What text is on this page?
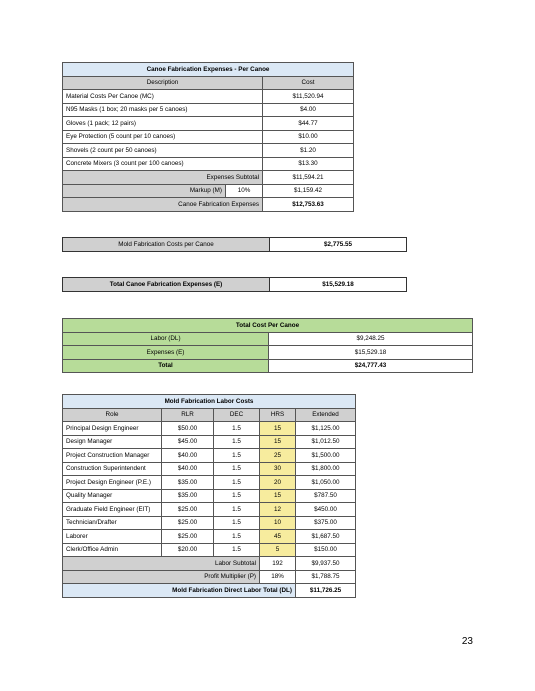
Canoe Fabrication Expenses - Per Canoe		
Description		Cost
Material Costs Per Canoe (MC)		$11,520.94
N95 Masks (1 box; 20 masks per 5 canoes)		$4.00
Gloves (1 pack; 12 pairs)		$44.77
Eye Protection (5 count per 10 canoes)		$10.00
Shovels (2 count per 50 canoes)		$1.20
Concrete Mixers (3 count per 100 canoes)		$13.30
Expenses Subtotal		$11,594.21
Markup (M)	10%	$1,159.42
Canoe Fabrication Expenses		$12,753.63
Mold Fabrication Costs per Canoe	$2,775.55
Total Canoe Fabrication Expenses (E)	$15,529.18
Total Cost Per Canoe	
Labor (DL)	$9,248.25
Expenses (E)	$15,529.18
Total	$24,777.43
Mold Fabrication Labor Costs				
Role	RLR	DEC	HRS	Extended
Principal Design Engineer	$50.00	1.5	15	$1,125.00
Design Manager	$45.00	1.5	15	$1,012.50
Project Construction Manager	$40.00	1.5	25	$1,500.00
Construction Superintendent	$40.00	1.5	30	$1,800.00
Project Design Engineer (P.E.)	$35.00	1.5	20	$1,050.00
Quality Manager	$35.00	1.5	15	$787.50
Graduate Field Engineer (EIT)	$25.00	1.5	12	$450.00
Technician/Drafter	$25.00	1.5	10	$375.00
Laborer	$25.00	1.5	45	$1,687.50
Clerk/Office Admin	$20.00	1.5	5	$150.00
Labor Subtotal			192	$9,937.50
Profit Multiplier (P)			18%	$1,788.75
Mold Fabrication Direct Labor Total (DL)				$11,726.25
23
